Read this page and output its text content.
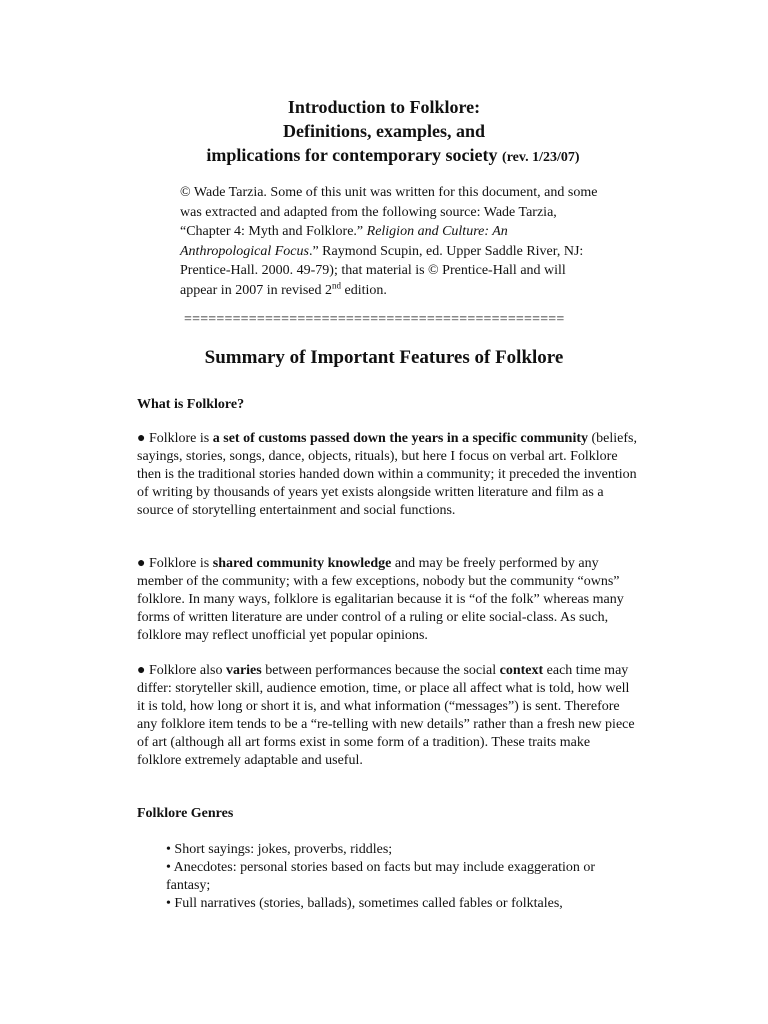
Introduction to Folklore:
Definitions, examples, and
implications for contemporary society (rev. 1/23/07)
© Wade Tarzia. Some of this unit was written for this document, and some was extracted and adapted from the following source: Wade Tarzia, “Chapter 4: Myth and Folklore.” Religion and Culture: An Anthropological Focus.” Raymond Scupin, ed. Upper Saddle River, NJ: Prentice-Hall. 2000. 49-79); that material is © Prentice-Hall and will appear in 2007 in revised 2nd edition.
===============================================
Summary of Important Features of Folklore
What is Folklore?
● Folklore is a set of customs passed down the years in a specific community (beliefs, sayings, stories, songs, dance, objects, rituals), but here I focus on verbal art. Folklore then is the traditional stories handed down within a community; it preceded the invention of writing by thousands of years yet exists alongside written literature and film as a source of storytelling entertainment and social functions.
● Folklore is shared community knowledge and may be freely performed by any member of the community; with a few exceptions, nobody but the community “owns” folklore. In many ways, folklore is egalitarian because it is “of the folk” whereas many forms of written literature are under control of a ruling or elite social-class. As such, folklore may reflect unofficial yet popular opinions.
● Folklore also varies between performances because the social context each time may differ: storyteller skill, audience emotion, time, or place all affect what is told, how well it is told, how long or short it is, and what information (“messages”) is sent. Therefore any folklore item tends to be a “re-telling with new details” rather than a fresh new piece of art (although all art forms exist in some form of a tradition). These traits make folklore extremely adaptable and useful.
Folklore Genres
• Short sayings: jokes, proverbs, riddles;
• Anecdotes: personal stories based on facts but may include exaggeration or fantasy;
• Full narratives (stories, ballads), sometimes called fables or folktales,
